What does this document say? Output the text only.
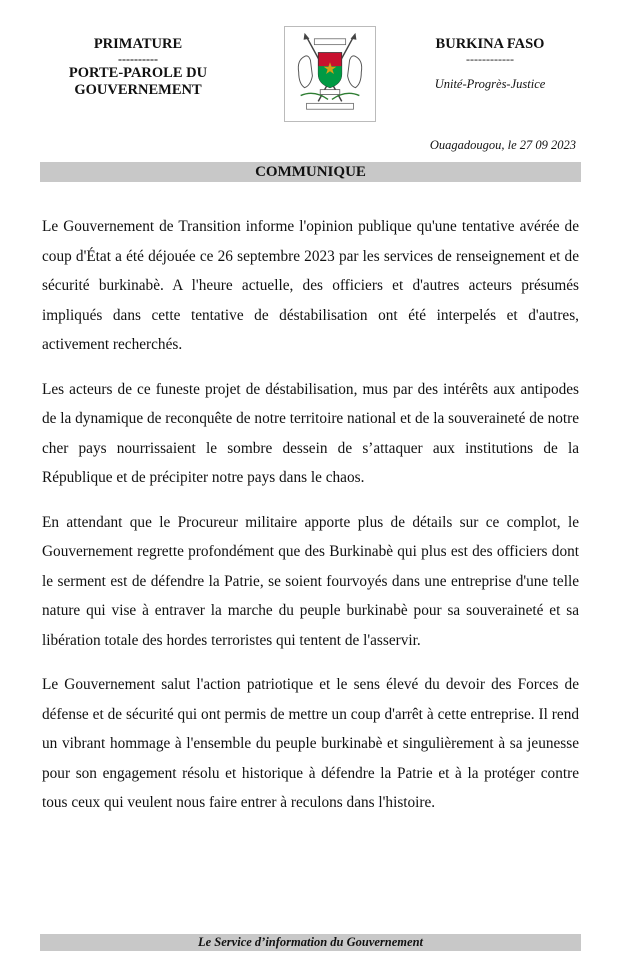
PRIMATURE
----------
PORTE-PAROLE DU
GOUVERNEMENT
BURKINA FASO
------------
Unité-Progrès-Justice
Ouagadougou, le 27 09 2023
COMMUNIQUE

Le Gouvernement de Transition informe l'opinion publique qu'une tentative avérée de coup d'État a été déjouée ce 26 septembre 2023 par les services de renseignement et de sécurité burkinabè. A l'heure actuelle, des officiers et d'autres acteurs présumés impliqués dans cette tentative de déstabilisation ont été interpelés et d'autres, activement recherchés.

Les acteurs de ce funeste projet de déstabilisation, mus par des intérêts aux antipodes de la dynamique de reconquête de notre territoire national et de la souveraineté de notre cher pays nourrissaient le sombre dessein de s’attaquer aux institutions de la République et de précipiter notre pays dans le chaos.

En attendant que le Procureur militaire apporte plus de détails sur ce complot, le Gouvernement regrette profondément que des Burkinabè qui plus est des officiers dont le serment est de défendre la Patrie, se soient fourvoyés dans une entreprise d'une telle nature qui vise à entraver la marche du peuple burkinabè pour sa souveraineté et sa libération totale des hordes terroristes qui tentent de l'asservir.

Le Gouvernement salut l'action patriotique et le sens élevé du devoir des Forces de défense et de sécurité qui ont permis de mettre un coup d'arrêt à cette entreprise. Il rend un vibrant hommage à l'ensemble du peuple burkinabè et singulièrement à sa jeunesse pour son engagement résolu et historique à défendre la Patrie et à la protéger contre tous ceux qui veulent nous faire entrer à reculons dans l'histoire.

Le Service d’information du Gouvernement
